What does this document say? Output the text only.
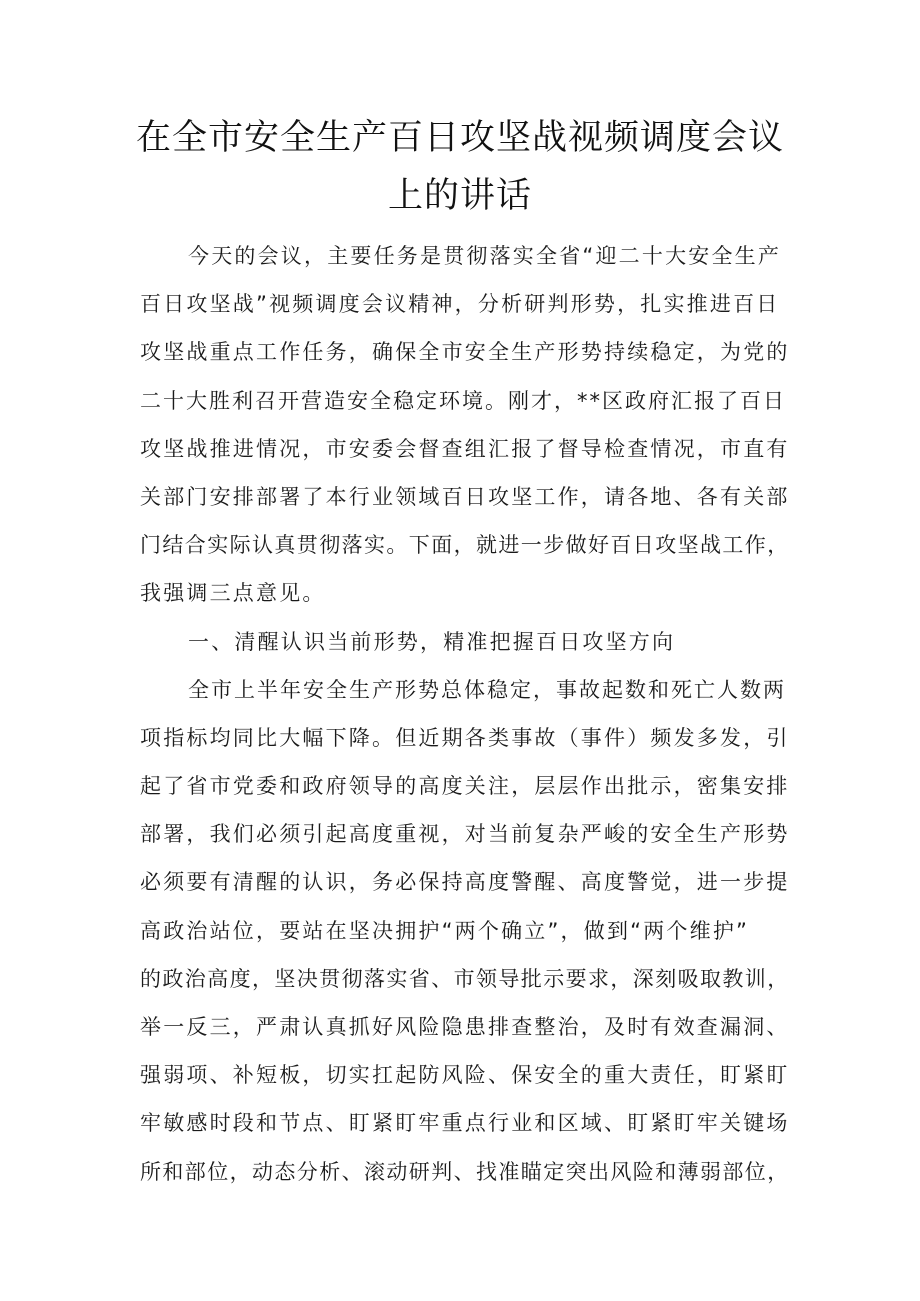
在全市安全生产百日攻坚战视频调度会议
上的讲话
今天的会议，主要任务是贯彻落实全省“迎二十大安全生产
百日攻坚战”视频调度会议精神，分析研判形势，扎实推进百日
攻坚战重点工作任务，确保全市安全生产形势持续稳定，为党的
二十大胜利召开营造安全稳定环境。刚才，**区政府汇报了百日
攻坚战推进情况，市安委会督查组汇报了督导检查情况，市直有
关部门安排部署了本行业领域百日攻坚工作，请各地、各有关部
门结合实际认真贯彻落实。下面，就进一步做好百日攻坚战工作，
我强调三点意见。
一、清醒认识当前形势，精准把握百日攻坚方向
全市上半年安全生产形势总体稳定，事故起数和死亡人数两
项指标均同比大幅下降。但近期各类事故（事件）频发多发，引
起了省市党委和政府领导的高度关注，层层作出批示，密集安排
部署，我们必须引起高度重视，对当前复杂严峻的安全生产形势
必须要有清醒的认识，务必保持高度警醒、高度警觉，进一步提
高政治站位，要站在坚决拥护“两个确立”，做到“两个维护”
的政治高度，坚决贯彻落实省、市领导批示要求，深刻吸取教训，
举一反三，严肃认真抓好风险隐患排查整治，及时有效查漏洞、
强弱项、补短板，切实扛起防风险、保安全的重大责任，盯紧盯
牢敏感时段和节点、盯紧盯牢重点行业和区域、盯紧盯牢关键场
所和部位，动态分析、滚动研判、找准瞄定突出风险和薄弱部位，
